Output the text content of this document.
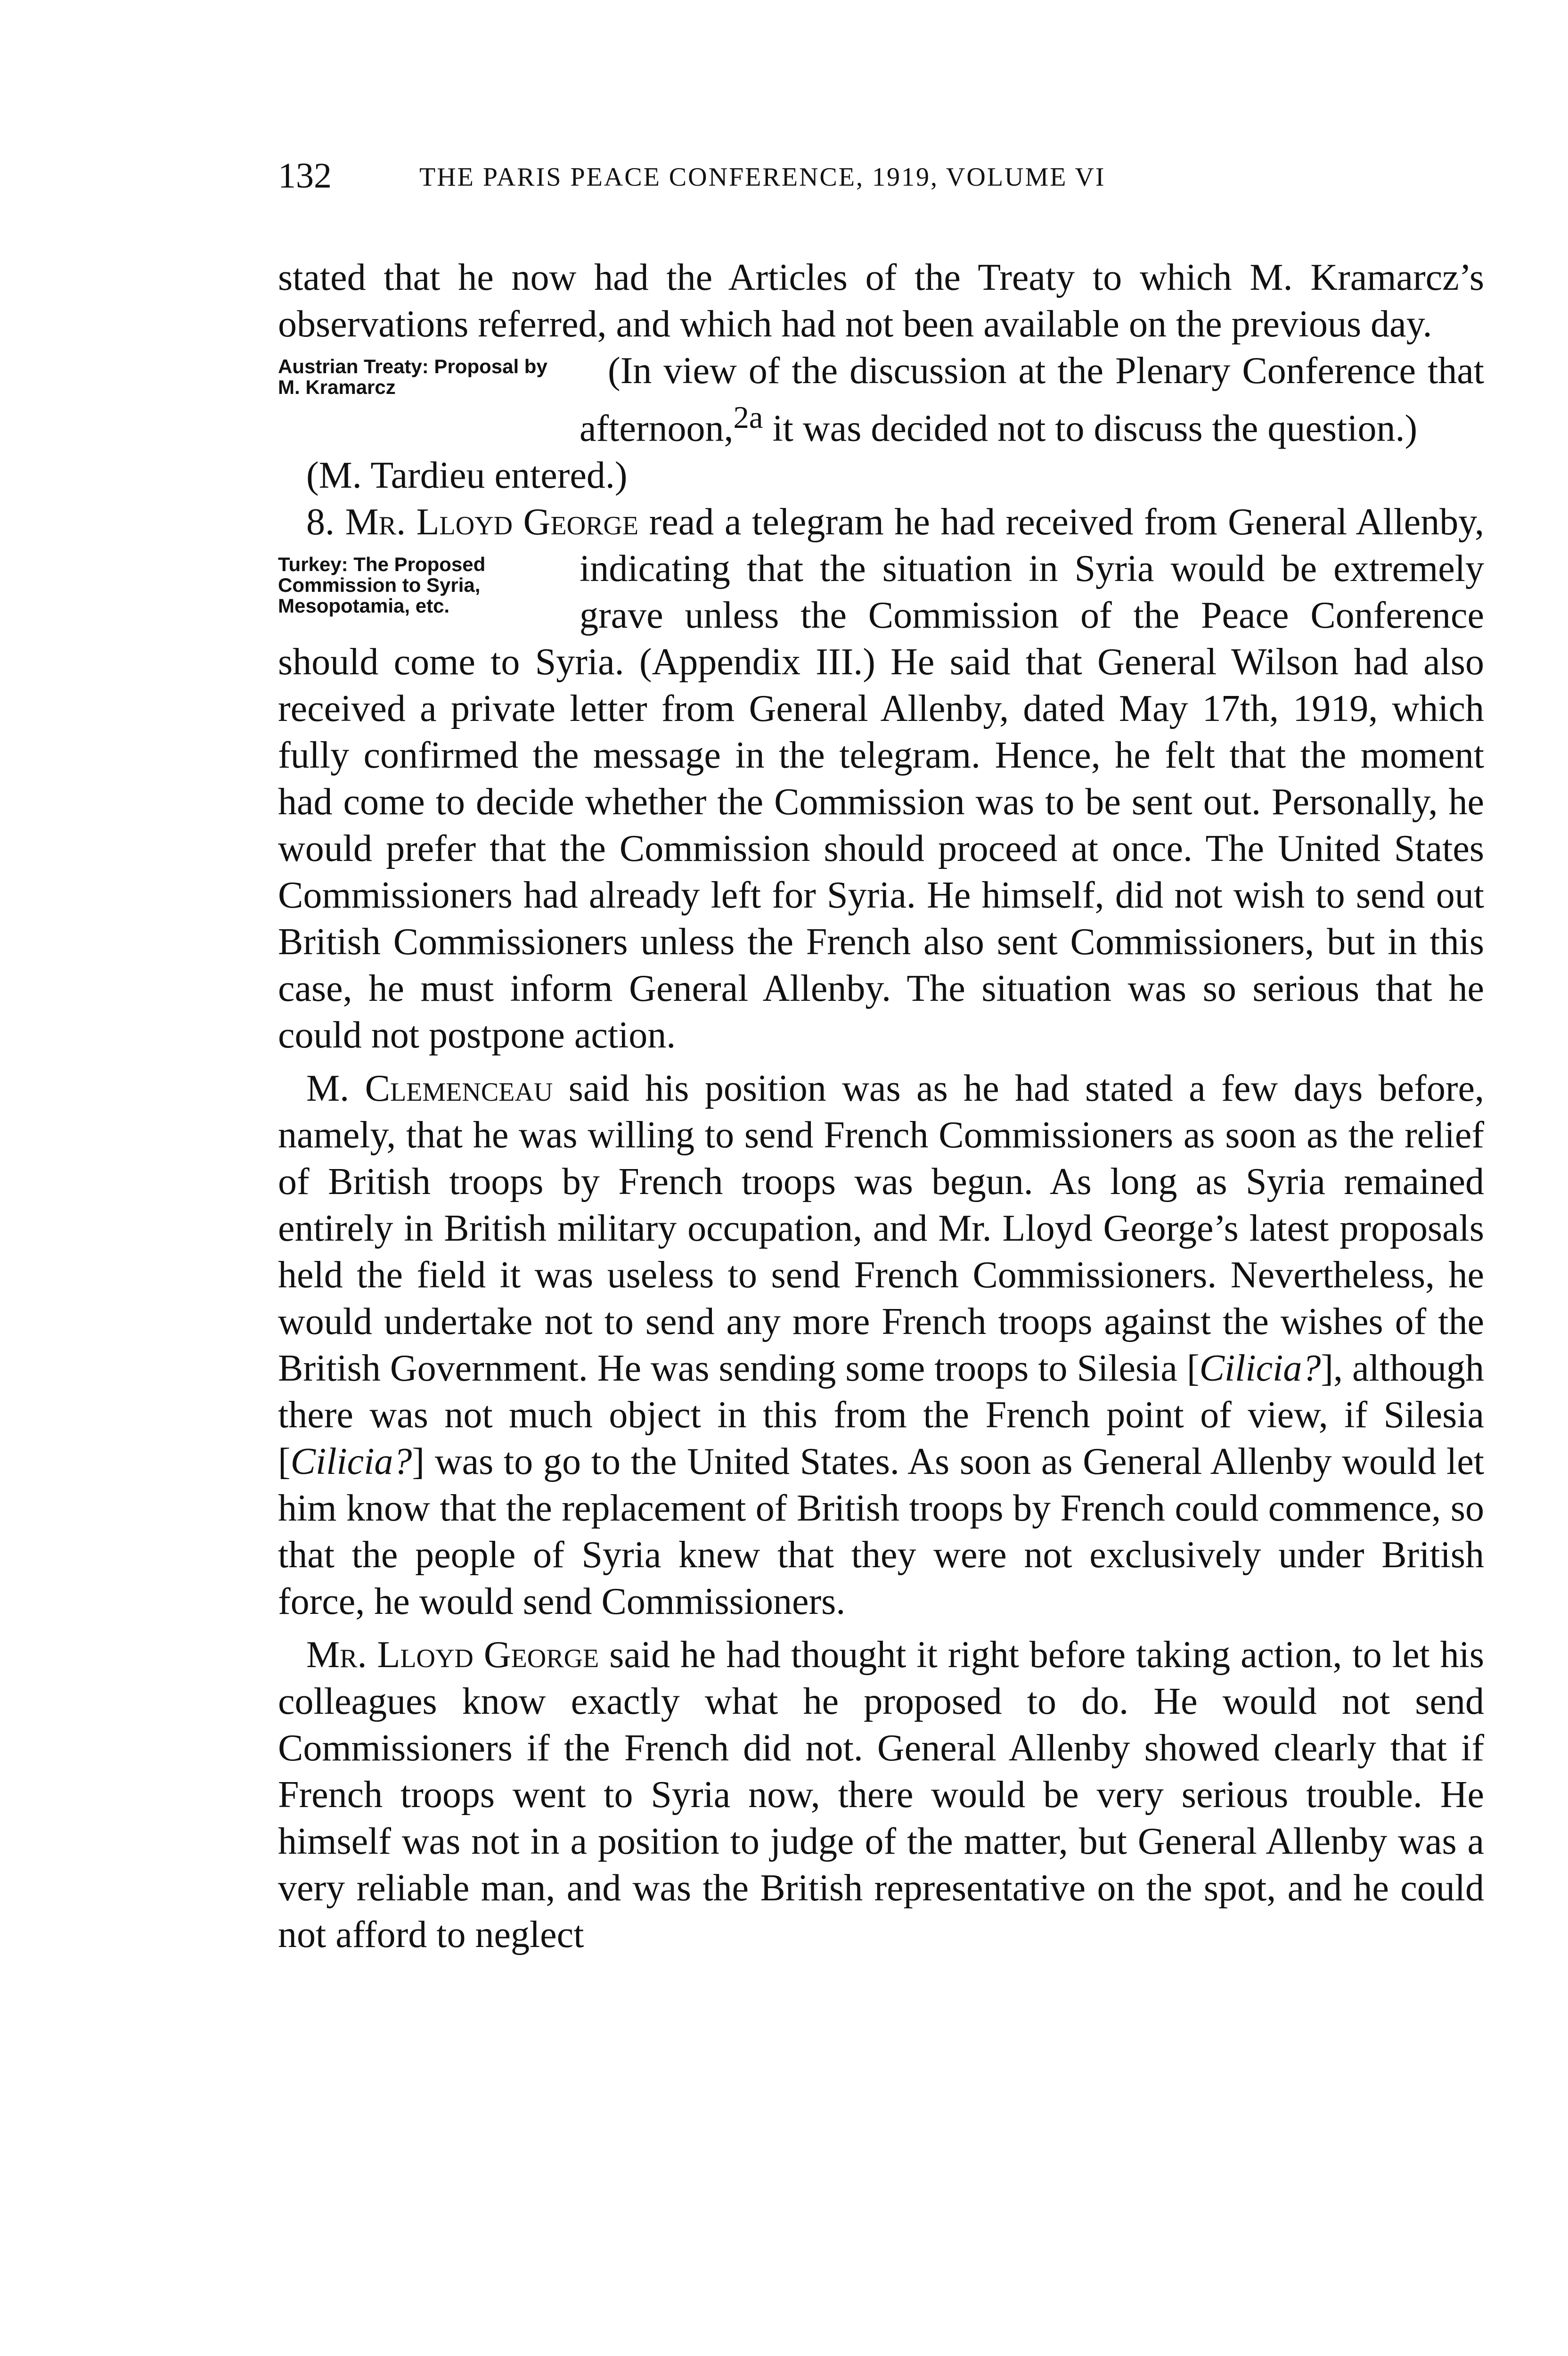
132	THE PARIS PEACE CONFERENCE, 1919, VOLUME VI
Austrian Treaty: Proposal by M. Kramarcz

stated that he now had the Articles of the Treaty to which M. Kramarcz’s observations referred, and which had not been available on the previous day.

(In view of the discussion at the Plenary Conference that afternoon,$^{2a}$ it was decided not to discuss the question.)

(M. Tardieu entered.)

Turkey: The Proposed Commission to Syria, Mesopotamia, etc.

8. Mr. Lloyd George read a telegram he had received from General Allenby, indicating that the situation in Syria would be extremely grave unless the Commission of the Peace Conference should come to Syria. (Appendix III.) He said that General Wilson had also received a private letter from General Allenby, dated May 17th, 1919, which fully confirmed the message in the telegram. Hence, he felt that the moment had come to decide whether the Commission was to be sent out. Personally, he would prefer that the Commission should proceed at once. The United States Commissioners had already left for Syria. He himself, did not wish to send out British Commissioners unless the French also sent Commissioners, but in this case, he must inform General Allenby. The situation was so serious that he could not postpone action.

M. Clemenceau said his position was as he had stated a few days before, namely, that he was willing to send French Commissioners as soon as the relief of British troops by French troops was begun. As long as Syria remained entirely in British military occupation, and Mr. Lloyd George’s latest proposals held the field it was useless to send French Commissioners. Nevertheless, he would undertake not to send any more French troops against the wishes of the British Government. He was sending some troops to Silesia [Cilicia?], although there was not much object in this from the French point of view, if Silesia [Cilicia?] was to go to the United States. As soon as General Allenby would let him know that the replacement of British troops by French could commence, so that the people of Syria knew that they were not exclusively under British force, he would send Commissioners.

Mr. Lloyd George said he had thought it right before taking action, to let his colleagues know exactly what he proposed to do. He would not send Commissioners if the French did not. General Allenby showed clearly that if French troops went to Syria now, there would be very serious trouble. He himself was not in a position to judge of the matter, but General Allenby was a very reliable man, and was the British representative on the spot, and he could not afford to neglect
